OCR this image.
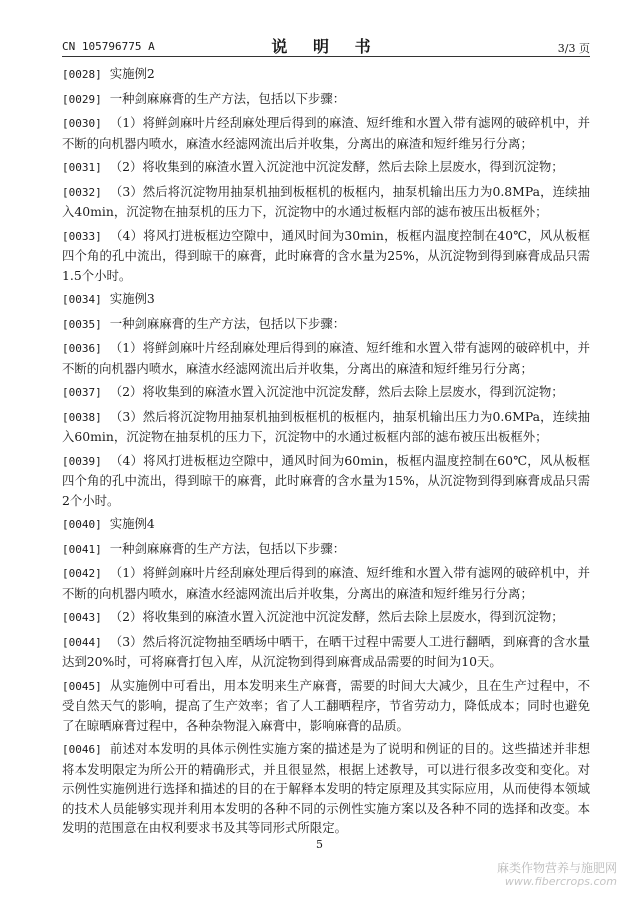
CN 105796775 A	说 明 书	3/3 页
[0028] 实施例2
[0029] 一种剑麻麻膏的生产方法，包括以下步骤：
[0030] （1）将鲜剑麻叶片经刮麻处理后得到的麻渣、短纤维和水置入带有滤网的破碎机中，并不断的向机器内喷水，麻渣水经滤网流出后并收集，分离出的麻渣和短纤维另行分离；
[0031] （2）将收集到的麻渣水置入沉淀池中沉淀发酵，然后去除上层废水，得到沉淀物；
[0032] （3）然后将沉淀物用抽泵机抽到板框机的板框内，抽泵机输出压力为0.8MPa，连续抽入40min，沉淀物在抽泵机的压力下，沉淀物中的水通过板框内部的滤布被压出板框外；
[0033] （4）将风打进板框边空隙中，通风时间为30min，板框内温度控制在40℃，风从板框四个角的孔中流出，得到晾干的麻膏，此时麻膏的含水量为25%，从沉淀物到得到麻膏成品只需1.5个小时。
[0034] 实施例3
[0035] 一种剑麻麻膏的生产方法，包括以下步骤：
[0036] （1）将鲜剑麻叶片经刮麻处理后得到的麻渣、短纤维和水置入带有滤网的破碎机中，并不断的向机器内喷水，麻渣水经滤网流出后并收集，分离出的麻渣和短纤维另行分离；
[0037] （2）将收集到的麻渣水置入沉淀池中沉淀发酵，然后去除上层废水，得到沉淀物；
[0038] （3）然后将沉淀物用抽泵机抽到板框机的板框内，抽泵机输出压力为0.6MPa，连续抽入60min，沉淀物在抽泵机的压力下，沉淀物中的水通过板框内部的滤布被压出板框外；
[0039] （4）将风打进板框边空隙中，通风时间为60min，板框内温度控制在60℃，风从板框四个角的孔中流出，得到晾干的麻膏，此时麻膏的含水量为15%，从沉淀物到得到麻膏成品只需2个小时。
[0040] 实施例4
[0041] 一种剑麻麻膏的生产方法，包括以下步骤：
[0042] （1）将鲜剑麻叶片经刮麻处理后得到的麻渣、短纤维和水置入带有滤网的破碎机中，并不断的向机器内喷水，麻渣水经滤网流出后并收集，分离出的麻渣和短纤维另行分离；
[0043] （2）将收集到的麻渣水置入沉淀池中沉淀发酵，然后去除上层废水，得到沉淀物；
[0044] （3）然后将沉淀物抽至晒场中晒干，在晒干过程中需要人工进行翻晒，到麻膏的含水量达到20%时，可将麻膏打包入库，从沉淀物到得到麻膏成品需要的时间为10天。
[0045] 从实施例中可看出，用本发明来生产麻膏，需要的时间大大减少，且在生产过程中，不受自然天气的影响，提高了生产效率；省了人工翻晒程序，节省劳动力，降低成本；同时也避免了在晾晒麻膏过程中，各种杂物混入麻膏中，影响麻膏的品质。
[0046] 前述对本发明的具体示例性实施方案的描述是为了说明和例证的目的。这些描述并非想将本发明限定为所公开的精确形式，并且很显然，根据上述教导，可以进行很多改变和变化。对示例性实施例进行选择和描述的目的在于解释本发明的特定原理及其实际应用，从而使得本领域的技术人员能够实现并利用本发明的各种不同的示例性实施方案以及各种不同的选择和改变。本发明的范围意在由权利要求书及其等同形式所限定。
5
麻类作物营养与施肥网
www.fibercrops.com
